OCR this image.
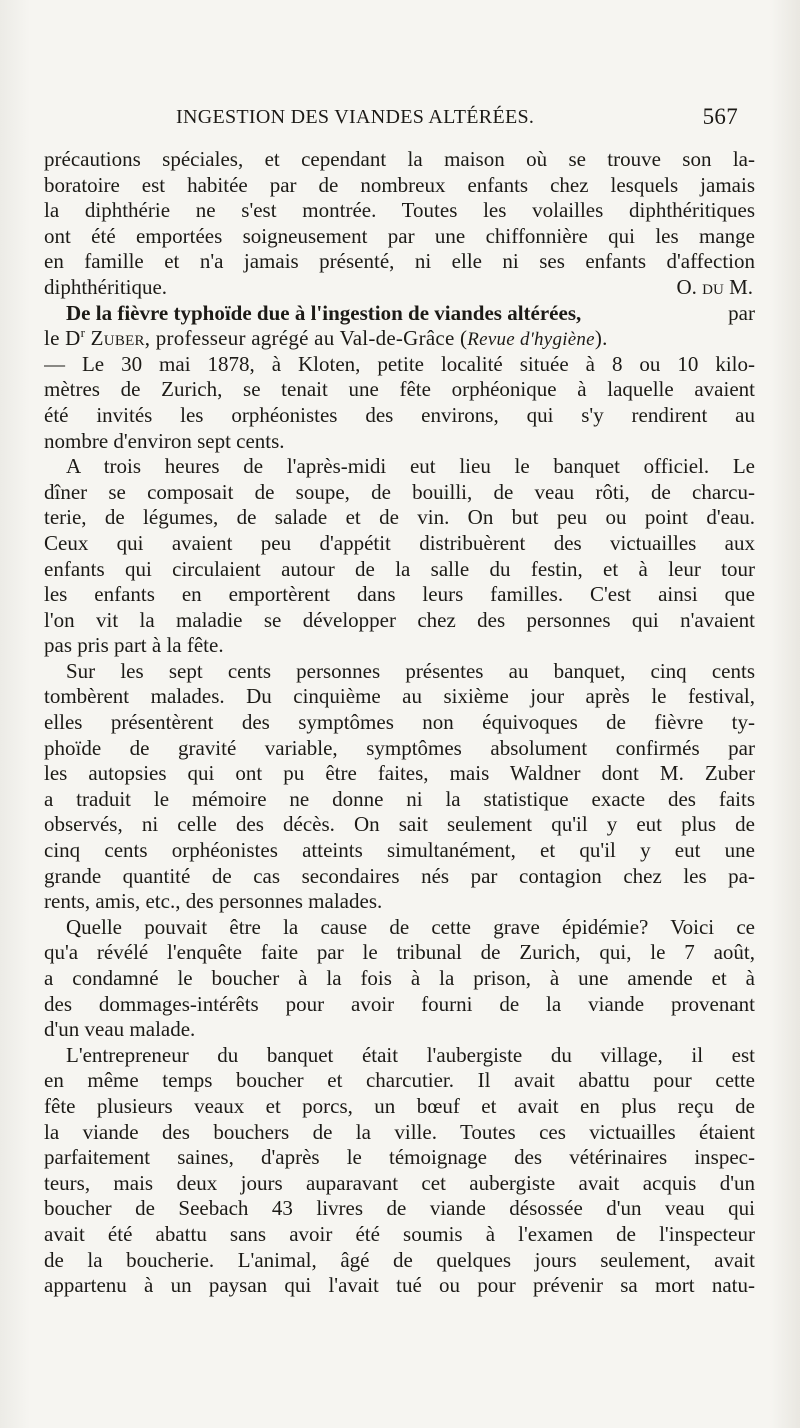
INGESTION DES VIANDES ALTÉRÉES.	567
précautions spéciales, et cependant la maison où se trouve son la-
boratoire est habitée par de nombreux enfants chez lesquels jamais
la diphthérie ne s'est montrée. Toutes les volailles diphthéritiques
ont été emportées soigneusement par une chiffonnière qui les mange
en famille et n'a jamais présenté, ni elle ni ses enfants d'affection
diphthéritique.	O. du M.
De la fièvre typhoïde due à l'ingestion de viandes altérées,	par
le $D^r$ Zuber, professeur agrégé au Val-de-Grâce (Revue d'hygiène).
— Le 30 mai 1878, à Kloten, petite localité située à 8 ou 10 kilo-
mètres de Zurich, se tenait une fête orphéonique à laquelle avaient
été invités les orphéonistes des environs, qui s'y rendirent au
nombre d'environ sept cents.
A trois heures de l'après-midi eut lieu le banquet officiel. Le
dîner se composait de soupe, de bouilli, de veau rôti, de charcu-
terie, de légumes, de salade et de vin. On but peu ou point d'eau.
Ceux qui avaient peu d'appétit distribuèrent des victuailles aux
enfants qui circulaient autour de la salle du festin, et à leur tour
les enfants en emportèrent dans leurs familles. C'est ainsi que
l'on vit la maladie se développer chez des personnes qui n'avaient
pas pris part à la fête.
Sur les sept cents personnes présentes au banquet, cinq cents
tombèrent malades. Du cinquième au sixième jour après le festival,
elles présentèrent des symptômes non équivoques de fièvre ty-
phoïde de gravité variable, symptômes absolument confirmés par
les autopsies qui ont pu être faites, mais Waldner dont M. Zuber
a traduit le mémoire ne donne ni la statistique exacte des faits
observés, ni celle des décès. On sait seulement qu'il y eut plus de
cinq cents orphéonistes atteints simultanément, et qu'il y eut une
grande quantité de cas secondaires nés par contagion chez les pa-
rents, amis, etc., des personnes malades.
Quelle pouvait être la cause de cette grave épidémie? Voici ce
qu'a révélé l'enquête faite par le tribunal de Zurich, qui, le 7 août,
a condamné le boucher à la fois à la prison, à une amende et à
des dommages-intérêts pour avoir fourni de la viande provenant
d'un veau malade.
L'entrepreneur du banquet était l'aubergiste du village, il est
en même temps boucher et charcutier. Il avait abattu pour cette
fête plusieurs veaux et porcs, un bœuf et avait en plus reçu de
la viande des bouchers de la ville. Toutes ces victuailles étaient
parfaitement saines, d'après le témoignage des vétérinaires inspec-
teurs, mais deux jours auparavant cet aubergiste avait acquis d'un
boucher de Seebach 43 livres de viande désossée d'un veau qui
avait été abattu sans avoir été soumis à l'examen de l'inspecteur
de la boucherie. L'animal, âgé de quelques jours seulement, avait
appartenu à un paysan qui l'avait tué ou pour prévenir sa mort natu-
